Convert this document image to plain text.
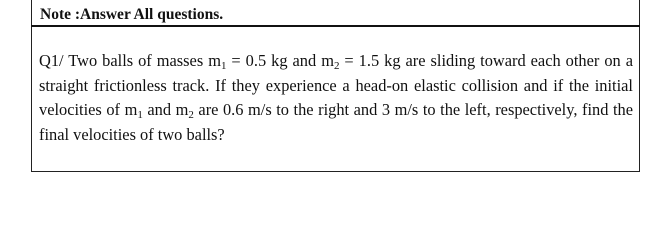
Note :Answer All questions.
Q1/ Two balls of masses $m_1 = 0.5$ kg and $m_2 = 1.5$ kg are sliding toward each other on a straight frictionless track. If they experience a head-on elastic collision and if the initial velocities of $m_1$ and $m_2$ are 0.6 m/s to the right and 3 m/s to the left, respectively, find the final velocities of two balls?
